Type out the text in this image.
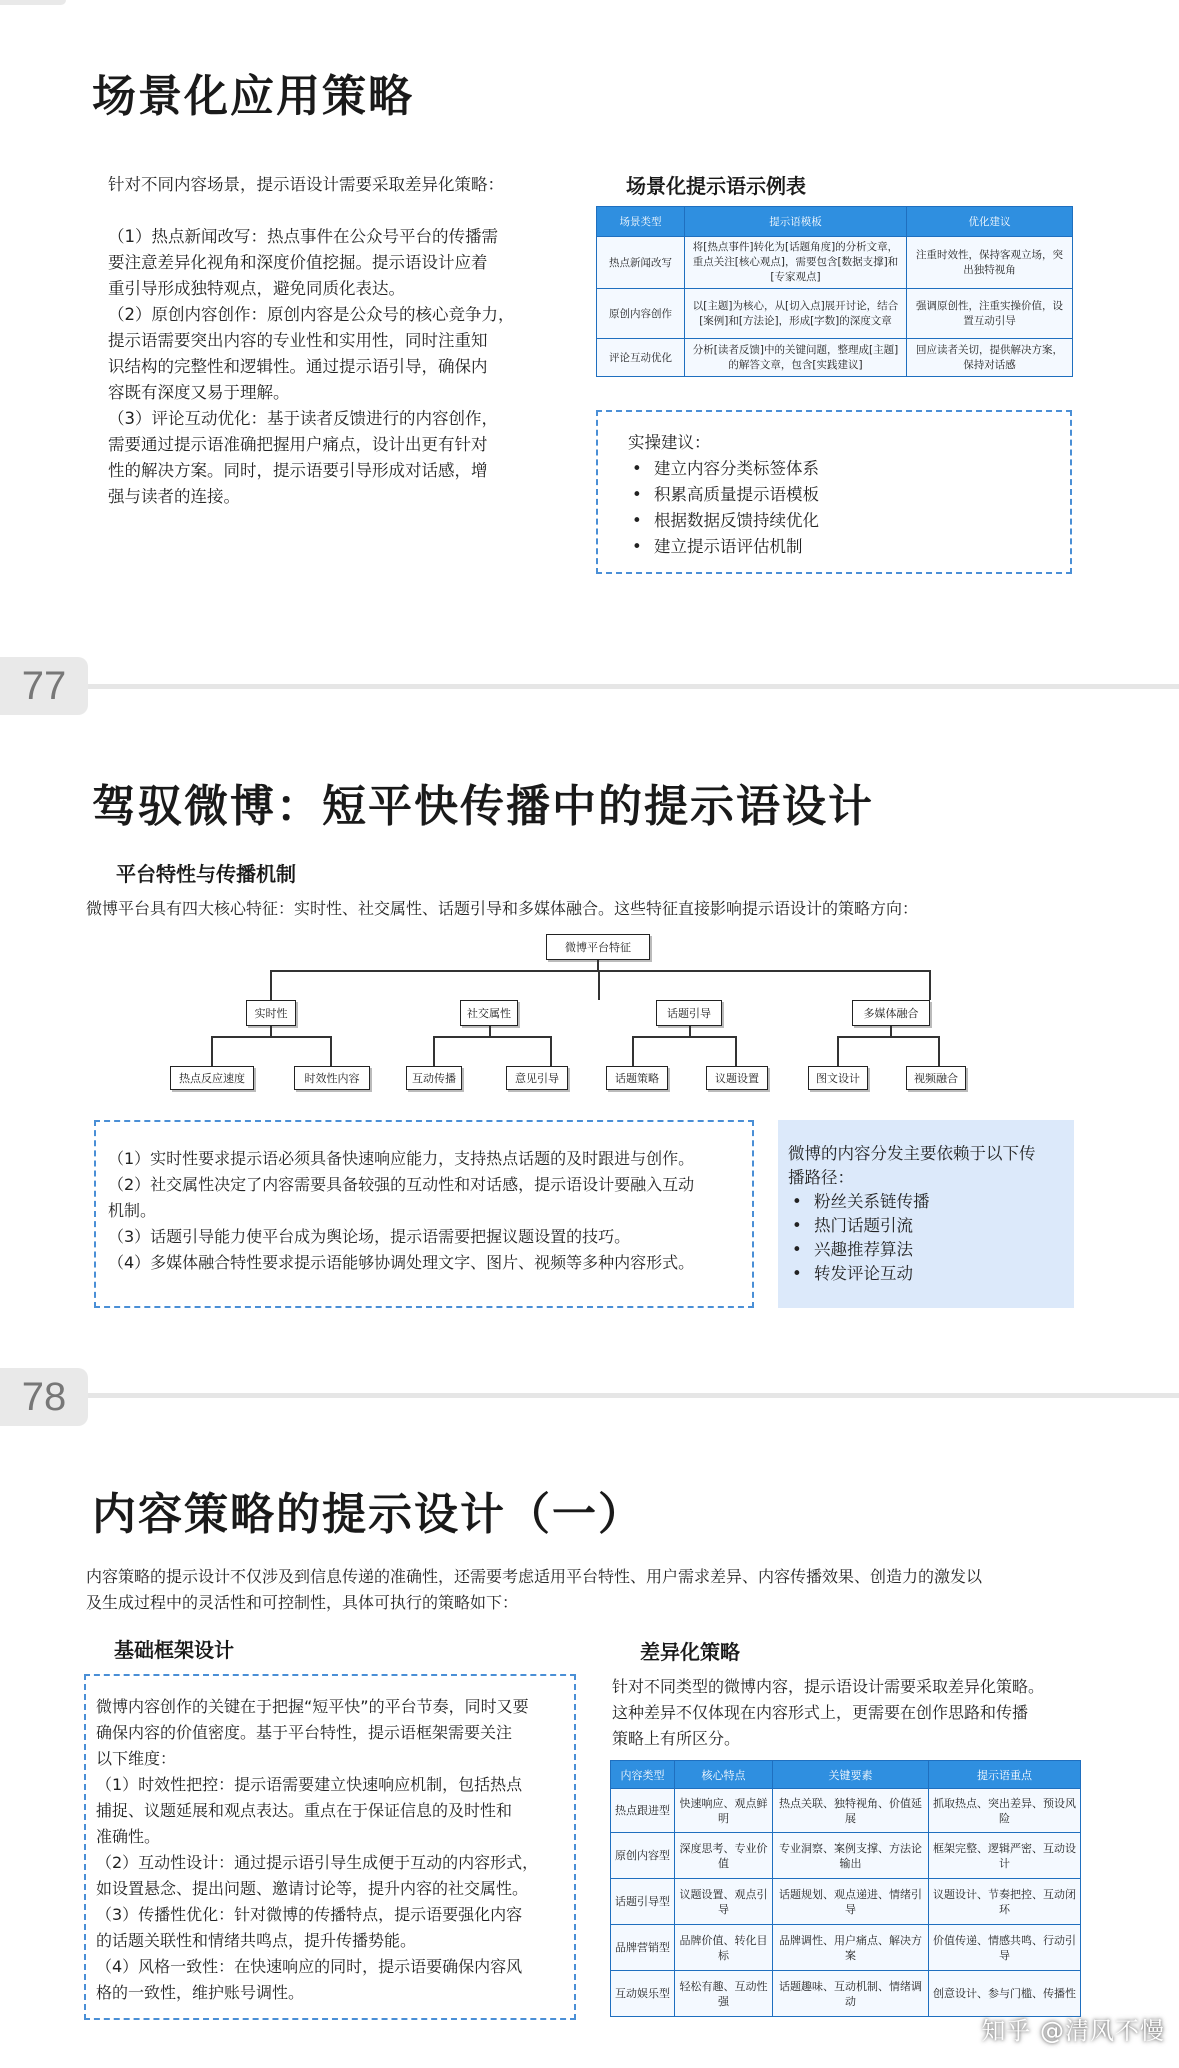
场景化应用策略
针对不同内容场景，提示语设计需要采取差异化策略：
（1）热点新闻改写：热点事件在公众号平台的传播需
要注意差异化视角和深度价值挖掘。提示语设计应着
重引导形成独特观点，避免同质化表达。
（2）原创内容创作：原创内容是公众号的核心竞争力，
提示语需要突出内容的专业性和实用性，同时注重知
识结构的完整性和逻辑性。通过提示语引导，确保内
容既有深度又易于理解。
（3）评论互动优化：基于读者反馈进行的内容创作，
需要通过提示语准确把握用户痛点，设计出更有针对
性的解决方案。同时，提示语要引导形成对话感，增
强与读者的连接。
场景化提示语示例表
场景类型	提示语模板	优化建议
热点新闻改写	将[热点事件]转化为[话题角度]的分析文章，重点关注[核心观点]，需要包含[数据支撑]和[专家观点]	注重时效性，保持客观立场，突出独特视角
原创内容创作	以[主题]为核心，从[切入点]展开讨论，结合[案例]和[方法论]，形成[字数]的深度文章	强调原创性，注重实操价值，设置互动引导
评论互动优化	分析[读者反馈]中的关键问题，整理成[主题]的解答文章，包含[实践建议]	回应读者关切，提供解决方案，保持对话感
实操建议：
• 建立内容分类标签体系
• 积累高质量提示语模板
• 根据数据反馈持续优化
• 建立提示语评估机制
77
驾驭微博：短平快传播中的提示语设计
平台特性与传播机制
微博平台具有四大核心特征：实时性、社交属性、话题引导和多媒体融合。这些特征直接影响提示语设计的策略方向：
微博平台特征
实时性	社交属性	话题引导	多媒体融合
热点反应速度	时效性内容	互动传播	意见引导	话题策略	议题设置	图文设计	视频融合
（1）实时性要求提示语必须具备快速响应能力，支持热点话题的及时跟进与创作。
（2）社交属性决定了内容需要具备较强的互动性和对话感，提示语设计要融入互动
机制。
（3）话题引导能力使平台成为舆论场，提示语需要把握议题设置的技巧。
（4）多媒体融合特性要求提示语能够协调处理文字、图片、视频等多种内容形式。
微博的内容分发主要依赖于以下传
播路径：
• 粉丝关系链传播
• 热门话题引流
• 兴趣推荐算法
• 转发评论互动
78
内容策略的提示设计（一）
内容策略的提示设计不仅涉及到信息传递的准确性，还需要考虑适用平台特性、用户需求差异、内容传播效果、创造力的激发以
及生成过程中的灵活性和可控制性，具体可执行的策略如下：
基础框架设计	差异化策略
微博内容创作的关键在于把握“短平快”的平台节奏，同时又要
确保内容的价值密度。基于平台特性，提示语框架需要关注
以下维度：
（1）时效性把控：提示语需要建立快速响应机制，包括热点
捕捉、议题延展和观点表达。重点在于保证信息的及时性和
准确性。
（2）互动性设计：通过提示语引导生成便于互动的内容形式，
如设置悬念、提出问题、邀请讨论等，提升内容的社交属性。
（3）传播性优化：针对微博的传播特点，提示语要强化内容
的话题关联性和情绪共鸣点，提升传播势能。
（4）风格一致性：在快速响应的同时，提示语要确保内容风
格的一致性，维护账号调性。
针对不同类型的微博内容，提示语设计需要采取差异化策略。
这种差异不仅体现在内容形式上，更需要在创作思路和传播
策略上有所区分。
内容类型	核心特点	关键要素	提示语重点
热点跟进型	快速响应、观点鲜明	热点关联、独特视角、价值延展	抓取热点、突出差异、预设风险
原创内容型	深度思考、专业价值	专业洞察、案例支撑、方法论输出	框架完整、逻辑严密、互动设计
话题引导型	议题设置、观点引导	话题规划、观点递进、情绪引导	议题设计、节奏把控、互动闭环
品牌营销型	品牌价值、转化目标	品牌调性、用户痛点、解决方案	价值传递、情感共鸣、行动引导
互动娱乐型	轻松有趣、互动性强	话题趣味、互动机制、情绪调动	创意设计、参与门槛、传播性
知乎 @清风不慢
